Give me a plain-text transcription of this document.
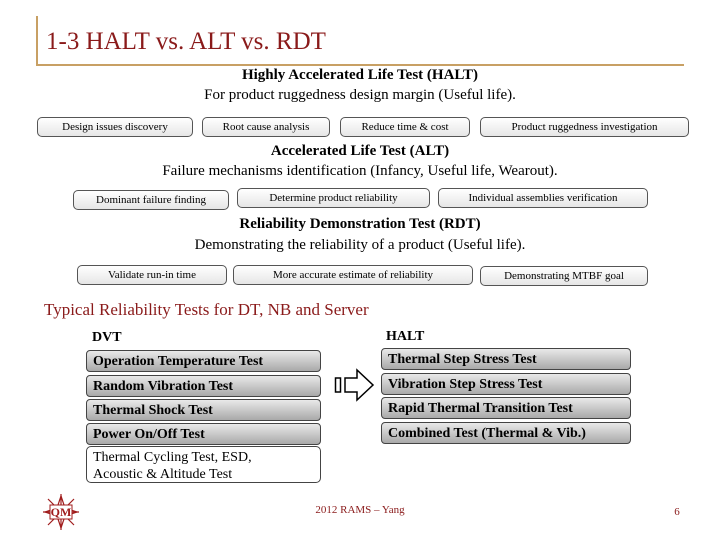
1-3 HALT vs. ALT vs. RDT
Highly Accelerated Life Test (HALT)
For product ruggedness design margin (Useful life).
Design issues discovery	Root cause analysis	Reduce time & cost	Product ruggedness investigation
Accelerated Life Test (ALT)
Failure mechanisms identification (Infancy, Useful life, Wearout).
Dominant failure finding	Determine product reliability	Individual assemblies verification
Reliability Demonstration Test (RDT)
Demonstrating the reliability of a product (Useful life).
Validate run-in time	More accurate estimate of reliability	Demonstrating MTBF goal
Typical Reliability Tests for DT, NB and Server
DVT	HALT
Operation Temperature Test
Random Vibration Test
Thermal Shock Test
Power On/Off Test
Thermal Cycling Test, ESD,
Acoustic & Altitude Test
Thermal Step Stress Test
Vibration Step Stress Test
Rapid Thermal Transition Test
Combined Test (Thermal & Vib.)
QM	2012 RAMS – Yang	6
